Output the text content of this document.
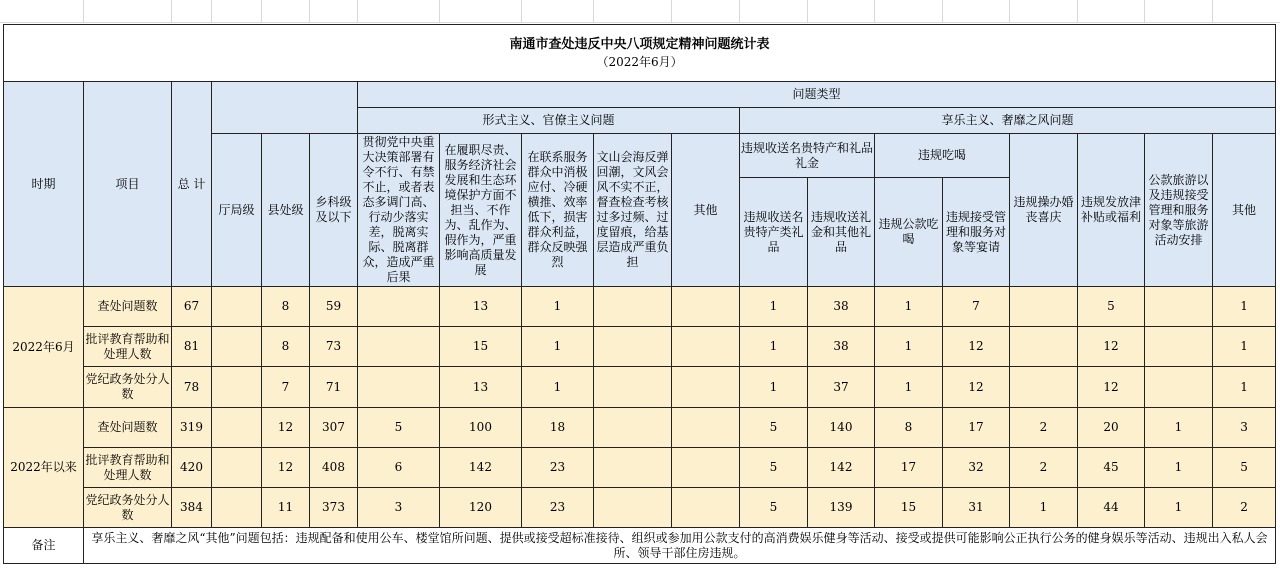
南通市查处违反中央八项规定精神问题统计表
（2022年6月）																		

时期	项目	总 计				问题类型												
						形式主义、官僚主义问题					享乐主义、奢靡之风问题							
			厅局级	县处级	乡科级及以下	贯彻党中央重大决策部署有令不行、有禁不止，或者表态多调门高、行动少落实差，脱离实际、脱离群众，造成严重后果	在履职尽责、服务经济社会发展和生态环境保护方面不担当、不作为、乱作为、假作为，严重影响高质量发展	在联系服务群众中消极应付、冷硬横推、效率低下，损害群众利益，群众反映强烈	文山会海反弹回潮，文风会风不实不正，督查检查考核过多过频、过度留痕，给基层造成严重负担	其他	违规收送名贵特产和礼品礼金		违规吃喝		违规操办婚丧喜庆	违规发放津补贴或福利	公款旅游以及违规接受管理和服务对象等旅游活动安排	其他
											违规收送名贵特产类礼品	违规收送礼金和其他礼品	违规公款吃喝	违规接受管理和服务对象等宴请				

2022年6月	查处问题数	67		8	59		13	1			1	38	1	7		5		1
	批评教育帮助和处理人数	81		8	73		15	1			1	38	1	12		12		1
	党纪政务处分人数	78		7	71		13	1			1	37	1	12		12		1
2022年以来	查处问题数	319		12	307	5	100	18			5	140	8	17	2	20	1	3
	批评教育帮助和处理人数	420		12	408	6	142	23			5	142	17	32	2	45	1	5
	党纪政务处分人数	384		11	373	3	120	23			5	139	15	31	1	44	1	2
备注	享乐主义、奢靡之风“其他”问题包括：违规配备和使用公车、楼堂馆所问题、提供或接受超标准接待、组织或参加用公款支付的高消费娱乐健身等活动、接受或提供可能影响公正执行公务的健身娱乐等活动、违规出入私人会所、领导干部住房违规。																	
